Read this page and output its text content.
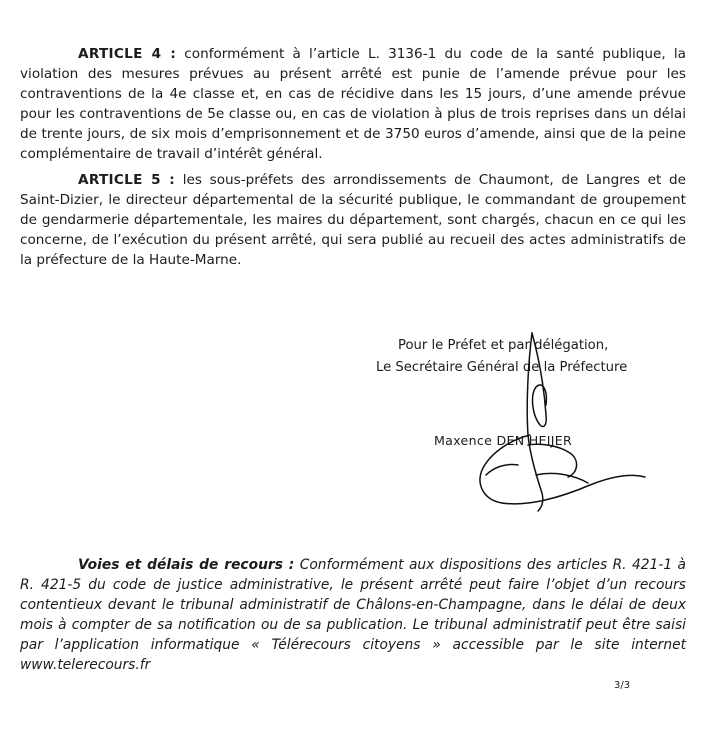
ARTICLE 4 : conformément à l’article L. 3136-1 du code de la santé publique, la violation des mesures prévues au présent arrêté est punie de l’amende prévue pour les contraventions de la 4e classe et, en cas de récidive dans les 15 jours, d’une amende prévue pour les contraventions de 5e classe ou, en cas de violation à plus de trois reprises dans un délai de trente jours, de six mois d’emprisonnement et de 3750 euros d’amende, ainsi que de la peine complémentaire de travail d’intérêt général.

ARTICLE 5 : les sous-préfets des arrondissements de Chaumont, de Langres et de Saint-Dizier, le directeur départemental de la sécurité publique, le commandant de groupement de gendarmerie départementale, les maires du département, sont chargés, chacun en ce qui les concerne, de l’exécution du présent arrêté, qui sera publié au recueil des actes administratifs de la préfecture de la Haute-Marne.

Pour le Préfet et par délégation,

Le Secrétaire Général de la Préfecture

Maxence DEN HEIJER

Voies et délais de recours : Conformément aux dispositions des articles R. 421-1 à R. 421-5 du code de justice administrative, le présent arrêté peut faire l’objet d’un recours contentieux devant le tribunal administratif de Châlons-en-Champagne, dans le délai de deux mois à compter de sa notification ou de sa publication. Le tribunal administratif peut être saisi par l’application informatique « Télérecours citoyens » accessible par le site internet www.telerecours.fr

3/3
